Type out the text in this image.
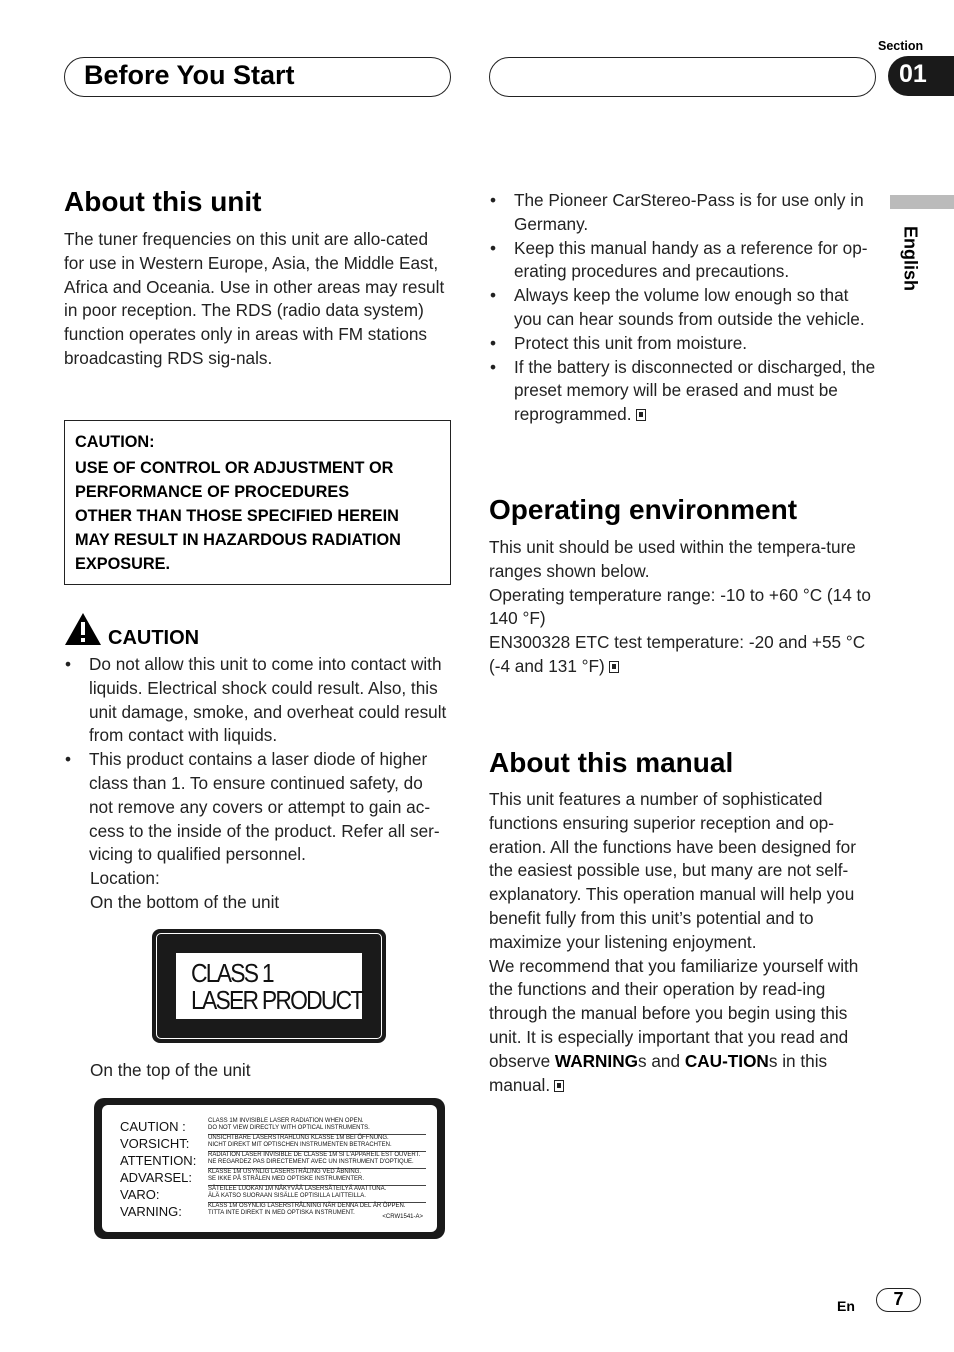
Before You Start
Section
01
English
About this unit
The tuner frequencies on this unit are allo-cated for use in Western Europe, Asia, the Middle East, Africa and Oceania. Use in other areas may result in poor reception. The RDS (radio data system) function operates only in areas with FM stations broadcasting RDS sig-nals.
CAUTION:
USE OF CONTROL OR ADJUSTMENT OR
PERFORMANCE OF PROCEDURES
OTHER THAN THOSE SPECIFIED HEREIN
MAY RESULT IN HAZARDOUS RADIATION
EXPOSURE.
CAUTION
• Do not allow this unit to come into contact with liquids. Electrical shock could result. Also, this unit damage, smoke, and overheat could result from contact with liquids.
• This product contains a laser diode of higher class than 1. To ensure continued safety, do not remove any covers or attempt to gain ac-cess to the inside of the product. Refer all ser-vicing to qualified personnel.
Location:
On the bottom of the unit
CLASS 1
LASER PRODUCT
On the top of the unit
CAUTION :	CLASS 1M INVISIBLE LASER RADIATION WHEN OPEN.
DO NOT VIEW DIRECTLY WITH OPTICAL INSTRUMENTS.
VORSICHT:	UNSICHTBARE LASERSTRAHLUNG KLASSE 1M BEI ÖFFNUNG.
NICHT DIREKT MIT OPTISCHEN INSTRUMENTEN BETRACHTEN.
ATTENTION: RADIATION LASER INVISIBLE DE CLASSE 1M SI L'APPAREIL EST OUVERT.
NE REGARDEZ PAS DIRECTEMENT AVEC UN INSTRUMENT D'OPTIQUE.
ADVARSEL:	KLASSE 1M USYNLIG LASERSTRÅLING VED ÅBNING.
SE IKKE PÅ STRÅLEN MED OPTISKE INSTRUMENTER.
VARO:	SÄTEILEE LUOKAN 1M NÄKYVÄÄ LASERSÄTEILYÄ AVATTUNA.
ÄLÄ KATSO SUORAAN SISÄLLE OPTISILLA LAITTEILLA.
VARNING:	KLASS 1M OSYNLIG LASERSTRÅLNING NÄR DENNA DEL ÄR ÖPPEN.
TITTA INTE DIREKT IN MED OPTISKA INSTRUMENT.
<CRW1541-A>
• The Pioneer CarStereo-Pass is for use only in Germany.
• Keep this manual handy as a reference for op-erating procedures and precautions.
• Always keep the volume low enough so that you can hear sounds from outside the vehicle.
• Protect this unit from moisture.
• If the battery is disconnected or discharged, the preset memory will be erased and must be reprogrammed.
Operating environment
This unit should be used within the tempera-ture ranges shown below.
Operating temperature range: -10 to +60 °C (14 to 140 °F)
EN300328 ETC test temperature: -20 and +55 °C (-4 and 131 °F)
About this manual
This unit features a number of sophisticated functions ensuring superior reception and op-eration. All the functions have been designed for the easiest possible use, but many are not self-explanatory. This operation manual will help you benefit fully from this unit’s potential and to maximize your listening enjoyment.
We recommend that you familiarize yourself with the functions and their operation by read-ing through the manual before you begin using this unit. It is especially important that you read and observe WARNINGs and CAU-TIONs in this manual.
En	7
